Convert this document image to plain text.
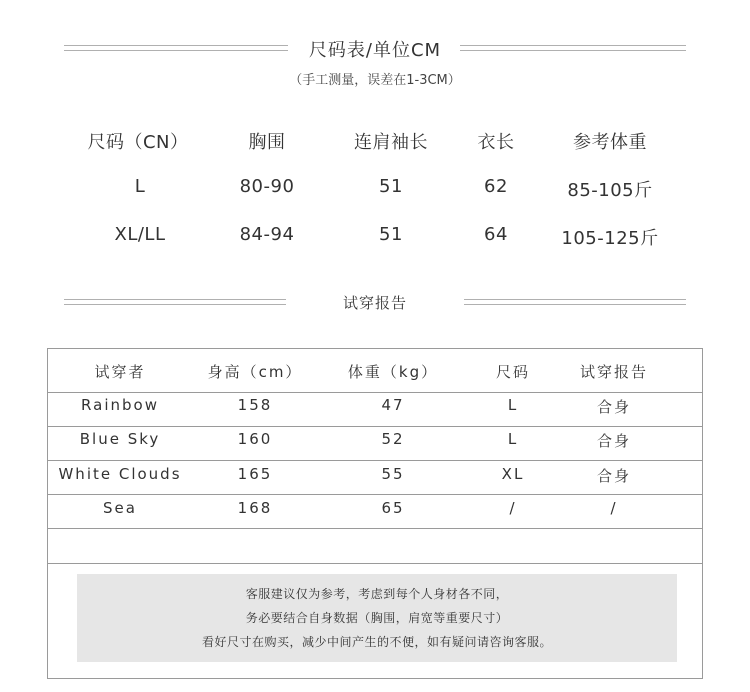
尺码表/单位CM
（手工测量，误差在1-3CM）
尺码（CN）	胸围	连肩袖长	衣长	参考体重
L	80-90	51	62	85-105斤
XL/LL	84-94	51	64	105-125斤
试穿报告
试穿者	身高（cm）	体重（kg）	尺码	试穿报告
Rainbow	158	47	L	合身
Blue Sky	160	52	L	合身
White Clouds	165	55	XL	合身
Sea	168	65	/	/
客服建议仅为参考，考虑到每个人身材各不同，
务必要结合自身数据（胸围，肩宽等重要尺寸）
看好尺寸在购买，减少中间产生的不便，如有疑问请咨询客服。
